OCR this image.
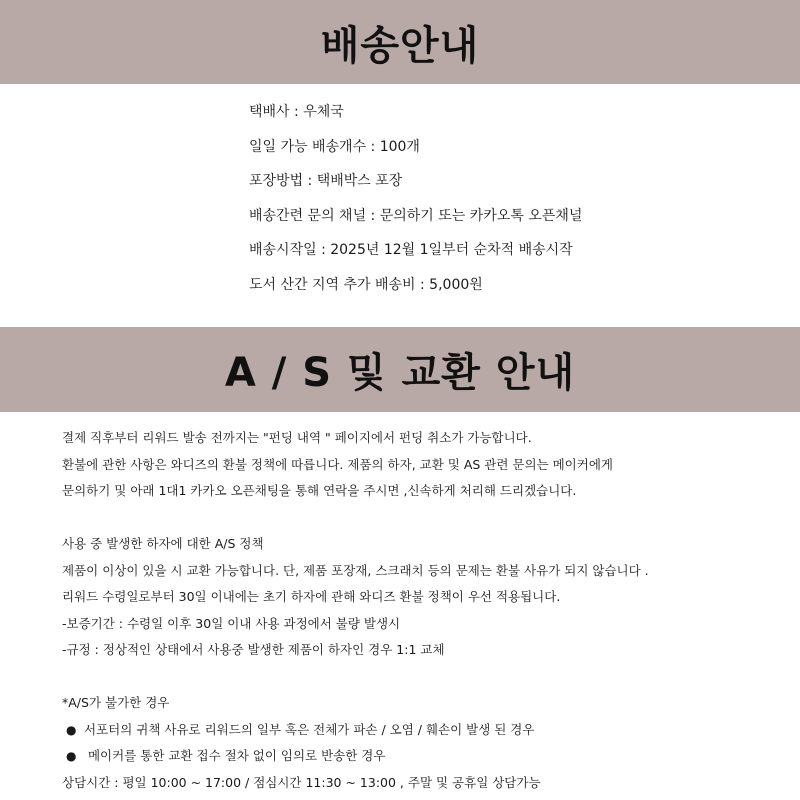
배송안내
택배사 : 우체국
일일 가능 배송개수 : 100개
포장방법 : 택배박스 포장
배송간련 문의 채널 : 문의하기 또는 카카오톡 오픈채널
배송시작일 : 2025년 12월 1일부터 순차적 배송시작
도서 산간 지역 추가 배송비 : 5,000원
A / S 및 교환 안내
결제 직후부터 리워드 발송 전까지는 "펀딩 내역 " 페이지에서 펀딩 취소가 가능합니다.
환불에 관한 사항은 와디즈의 환불 정책에 따릅니다. 제품의 하자, 교환 및 AS 관련 문의는 메이커에게
문의하기 및 아래 1대1 카카오 오픈채팅을 통해 연락을 주시면 ,신속하게 처리해 드리겠습니다.
사용 중 발생한 하자에 대한 A/S 정책
제품이 이상이 있을 시 교환 가능합니다. 단, 제품 포장재, 스크래치 등의 문제는 환불 사유가 되지 않습니다 .
리워드 수령일로부터 30일 이내에는 초기 하자에 관해 와디즈 환불 정책이 우선 적용됩니다.
-보증기간 : 수령일 이후 30일 이내 사용 과정에서 불량 발생시
-규정 : 정상적인 상태에서 사용중 발생한 제품이 하자인 경우 1:1 교체
*A/S가 불가한 경우
● 서포터의 귀책 사유로 리워드의 일부 혹은 전체가 파손 / 오염 / 훼손이 발생 된 경우
● 메이커를 통한 교환 접수 절차 없이 임의로 반송한 경우
상담시간 : 평일 10:00 ~ 17:00 / 점심시간 11:30 ~ 13:00 , 주말 및 공휴일 상담가능
